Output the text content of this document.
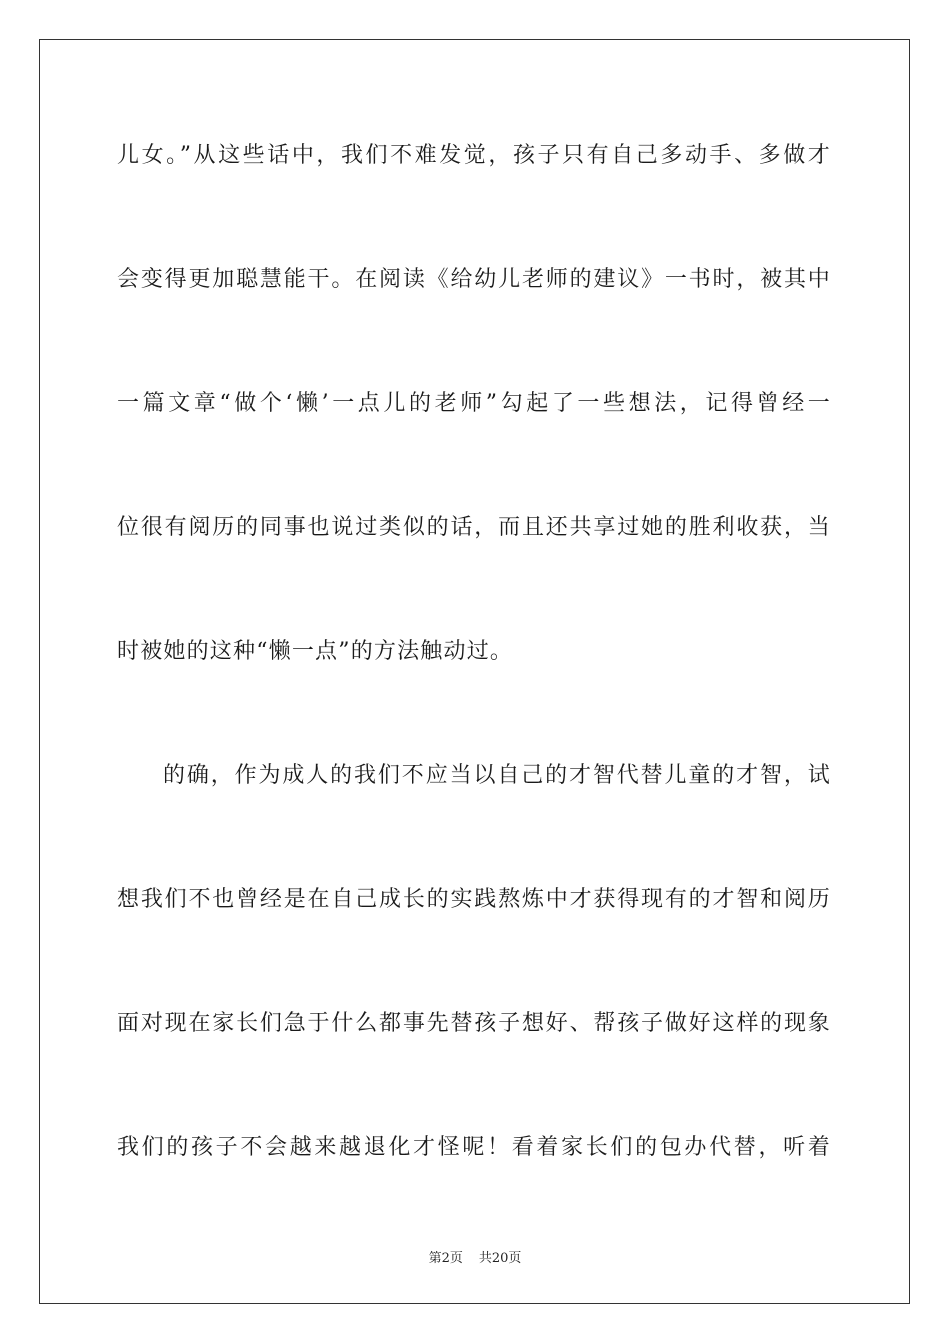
儿女。”从这些话中，我们不难发觉，孩子只有自己多动手、多做才
会变得更加聪慧能干。在阅读《给幼儿老师的建议》一书时，被其中
一篇文章“做个‘懒’一点儿的老师”勾起了一些想法，记得曾经一
位很有阅历的同事也说过类似的话，而且还共享过她的胜利收获，当
时被她的这种“懒一点”的方法触动过。
的确，作为成人的我们不应当以自己的才智代替儿童的才智，试
想我们不也曾经是在自己成长的实践熬炼中才获得现有的才智和阅历
面对现在家长们急于什么都事先替孩子想好、帮孩子做好这样的现象
我们的孩子不会越来越退化才怪呢！看着家长们的包办代替，听着
第2页 共20页
